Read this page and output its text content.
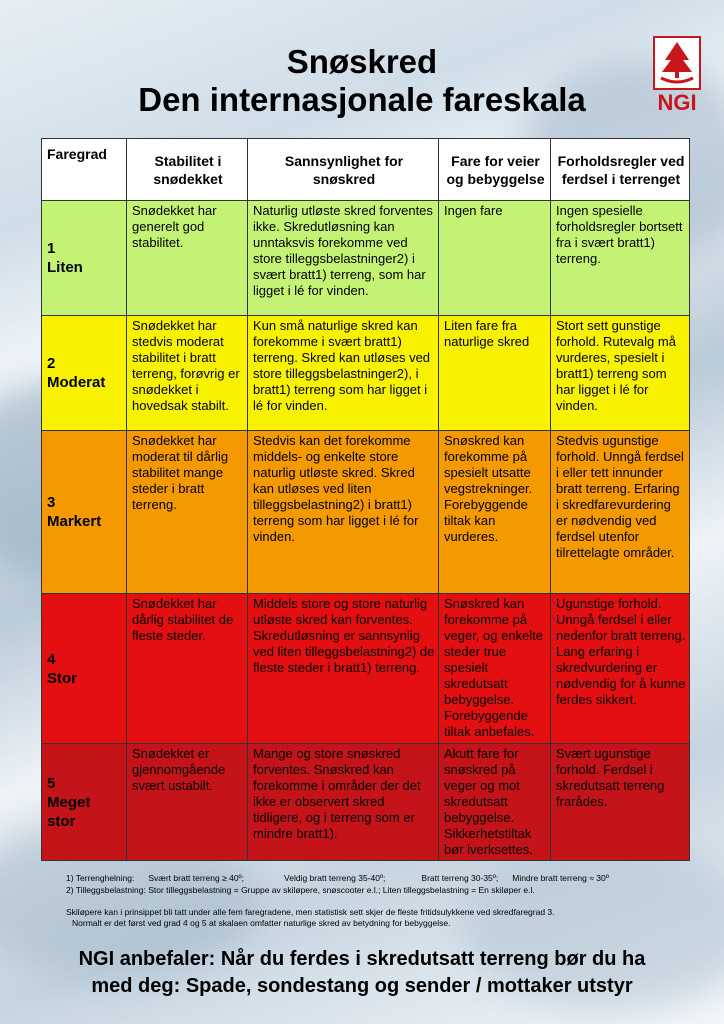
Snøskred
Den internasjonale fareskala	NGI
Faregrad	Stabilitet i snødekket	Sannsynlighet for snøskred	Fare for veier og bebyggelse	Forholdsregler ved ferdsel i terrenget

1
Liten	Snødekket har generelt god stabilitet.	Naturlig utløste skred forventes ikke. Skredutløsning kan unntaksvis forekomme ved store tilleggsbelastninger2) i svært bratt1) terreng, som har ligget i lé for vinden.	Ingen fare	Ingen spesielle forholdsregler bortsett fra i svært bratt1) terreng.

2
Moderat	Snødekket har stedvis moderat stabilitet i bratt terreng, forøvrig er snødekket i hovedsak stabilt.	Kun små naturlige skred kan forekomme i svært bratt1) terreng. Skred kan utløses ved store tilleggsbelastninger2), i bratt1) terreng som har ligget i lé for vinden.	Liten fare fra naturlige skred	Stort sett gunstige forhold. Rutevalg må vurderes, spesielt i bratt1) terreng som har ligget i lé for vinden.

3
Markert	Snødekket har moderat til dårlig stabilitet mange steder i bratt terreng.	Stedvis kan det forekomme middels- og enkelte store naturlig utløste skred. Skred kan utløses ved liten tilleggsbelastning2) i bratt1) terreng som har ligget i lé for vinden.	Snøskred kan forekomme på spesielt utsatte vegstrekninger. Forebyggende tiltak kan vurderes.	Stedvis ugunstige forhold. Unngå ferdsel i eller tett innunder bratt terreng. Erfaring i skredfarevurdering er nødvendig ved ferdsel utenfor tilrettelagte områder.

4
Stor	Snødekket har dårlig stabilitet de fleste steder.	Middels store og store naturlig utløste skred kan forventes. Skredutløsning er sannsynlig ved liten tilleggsbelastning2) de fleste steder i bratt1) terreng.	Snøskred kan forekomme på veger, og enkelte steder true spesielt skredutsatt bebyggelse. Forebyggende tiltak anbefales.	Ugunstige forhold. Unngå ferdsel i eller nedenfor bratt terreng. Lang erfaring i skredvurdering er nødvendig for å kunne ferdes sikkert.

5
Meget stor	Snødekket er gjennomgående svært ustabilt.	Mange og store snøskred forventes. Snøskred kan forekomme i områder der det ikke er observert skred tidligere, og i terreng som er mindre bratt1).	Akutt fare for snøskred på veger og mot skredutsatt bebyggelse. Sikkerhetstiltak bør iverksettes.	Svært ugunstige forhold. Ferdsel i skredutsatt terreng frarådes.
1) Terrenghelning: Svært bratt terreng ≥ 40º;	Veldig bratt terreng 35-40º;	Bratt terreng 30-35º; Mindre bratt terreng ≈ 30º
2) Tilleggsbelastning: Stor tilleggsbelastning = Gruppe av skiløpere, snøscooter e.l.; Liten tilleggsbelastning = En skiløper e.l.
Skiløpere kan i prinsippet bli tatt under alle fem faregradene, men statistisk sett skjer de fleste fritidsulykkene ved skredfaregrad 3.
Normalt er det først ved grad 4 og 5 at skalaen omfatter naturlige skred av betydning for bebyggelse.
NGI anbefaler: Når du ferdes i skredutsatt terreng bør du ha
med deg: Spade, sondestang og sender / mottaker utstyr
